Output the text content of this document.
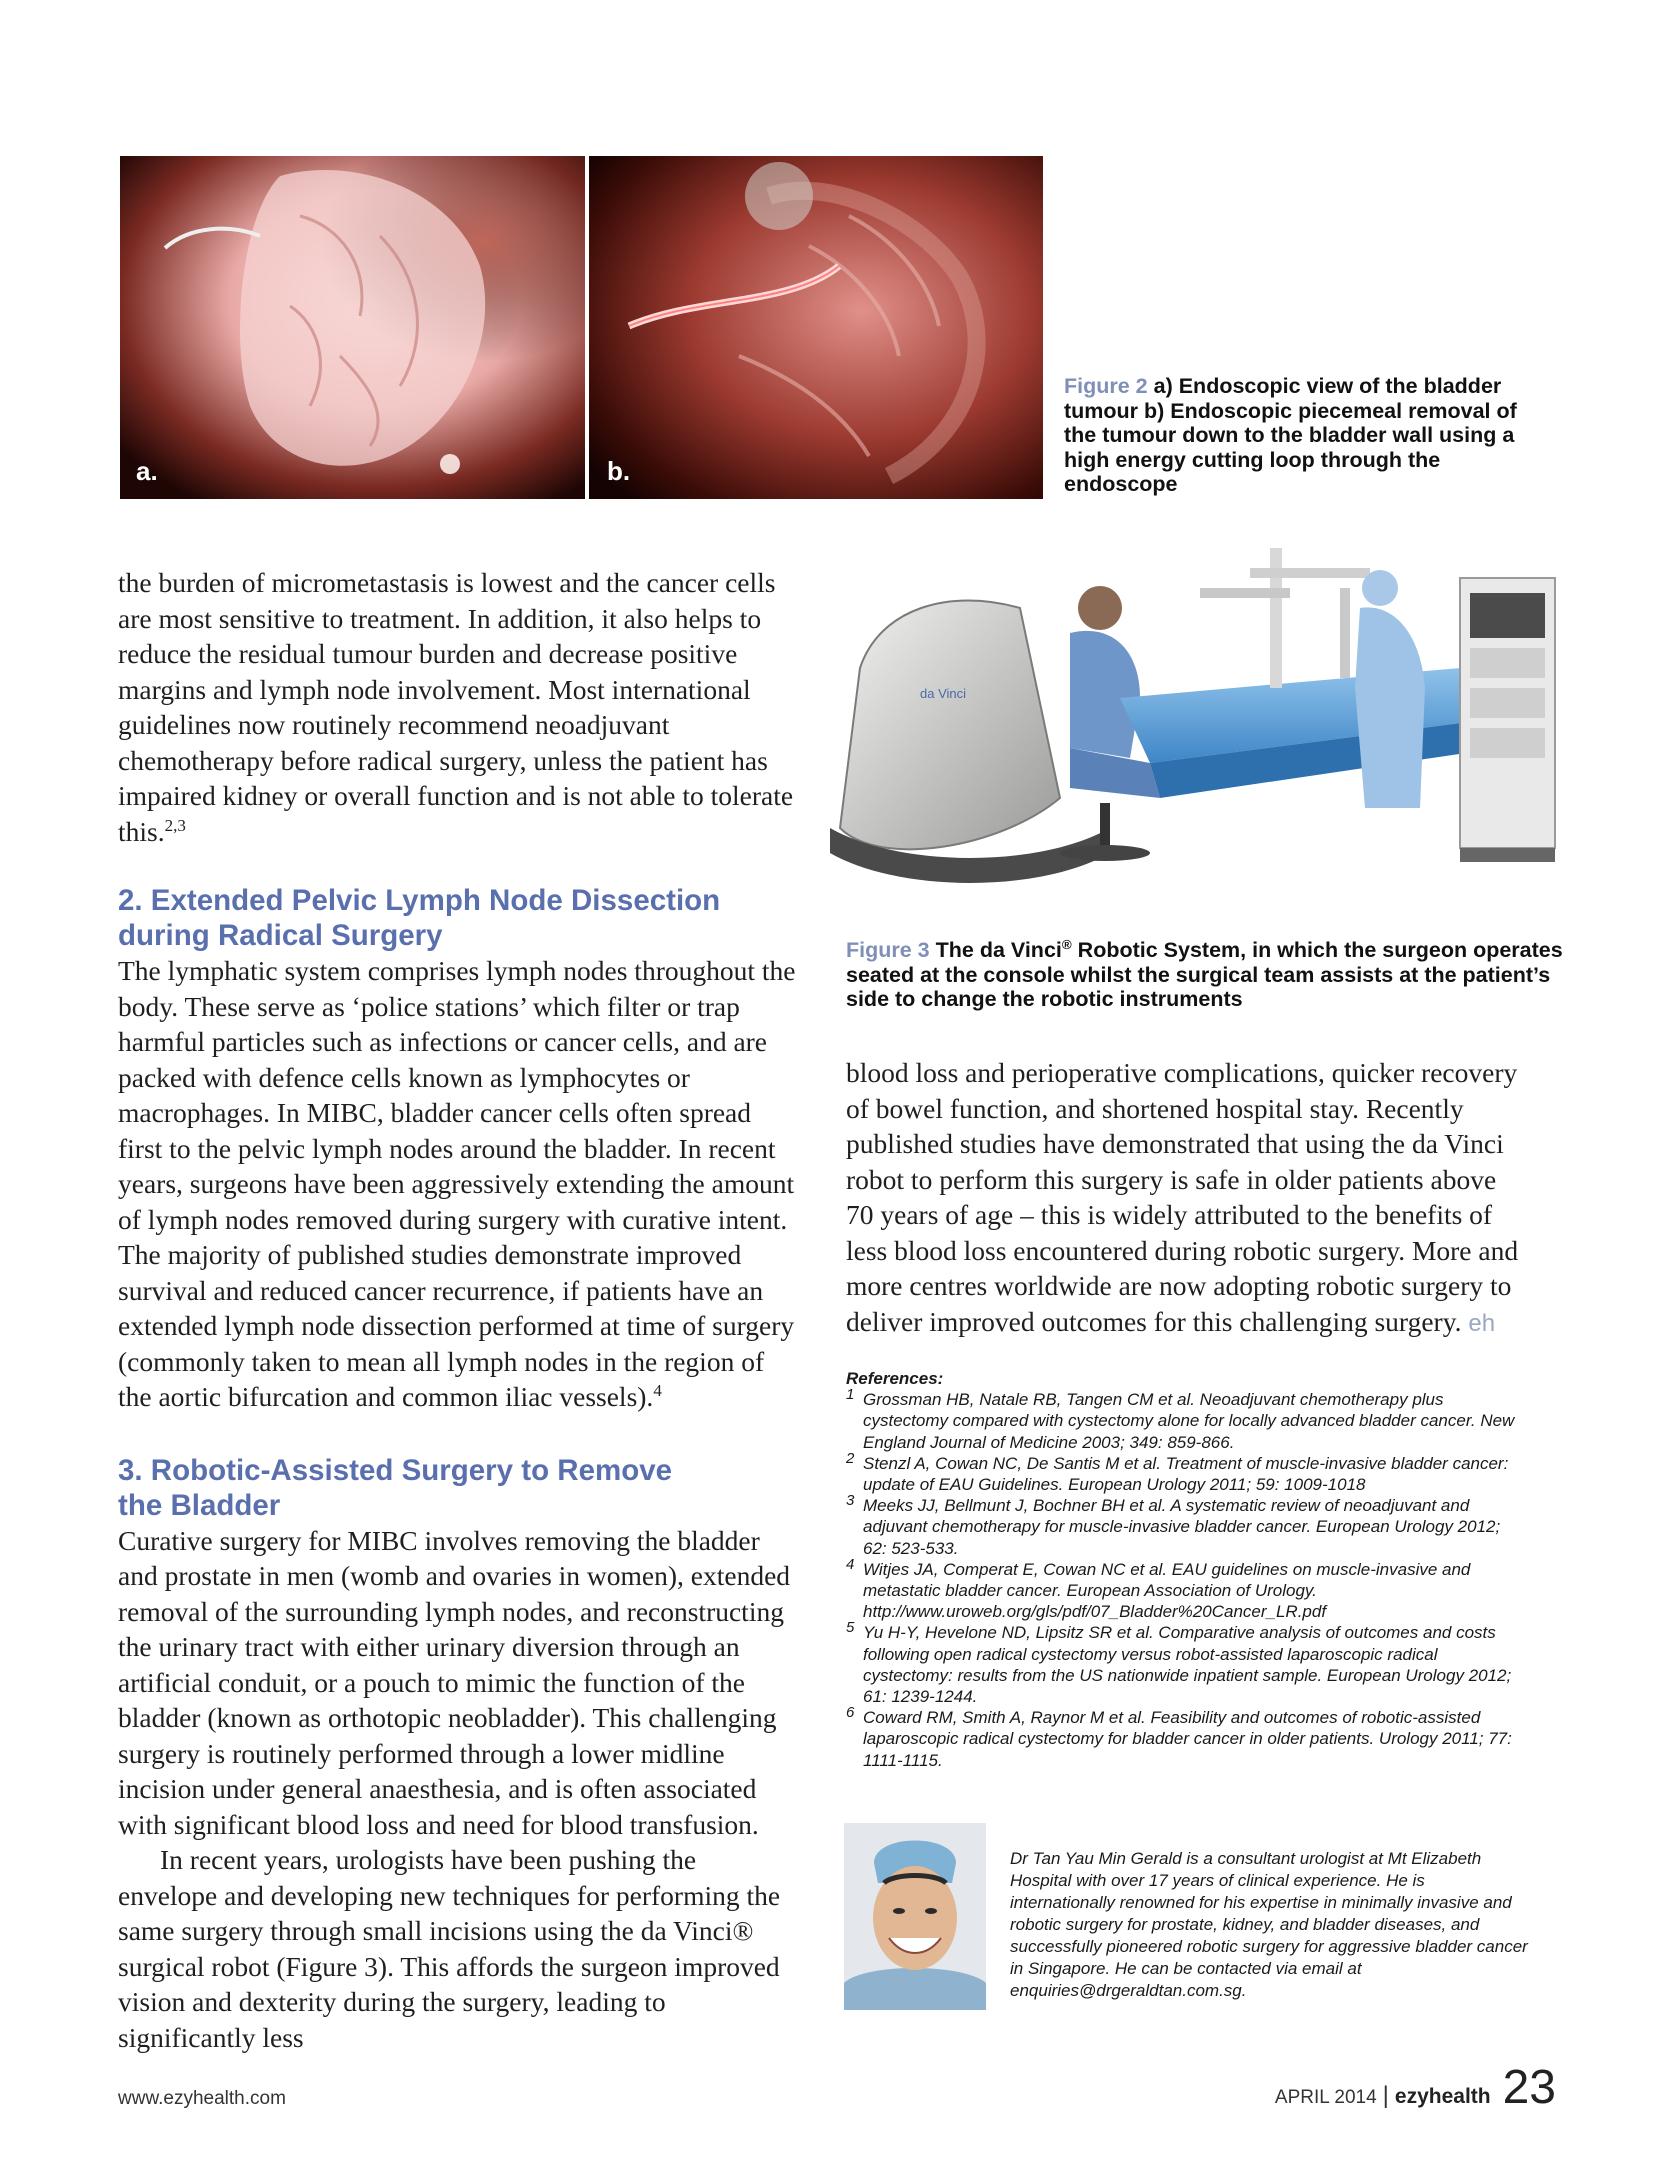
a.	b.
Figure 2 a) Endoscopic view of the bladder tumour b) Endoscopic piecemeal removal of the tumour down to the bladder wall using a high energy cutting loop through the endoscope
da Vinci
Figure 3 The da Vinci® Robotic System, in which the surgeon operates seated at the console whilst the surgical team assists at the patient’s side to change the robotic instruments

the burden of micrometastasis is lowest and the cancer cells are most sensitive to treatment. In addition, it also helps to reduce the residual tumour burden and decrease positive margins and lymph node involvement. Most international guidelines now routinely recommend neoadjuvant chemotherapy before radical surgery, unless the patient has impaired kidney or overall function and is not able to tolerate this.$^{2,3}$

2. Extended Pelvic Lymph Node Dissection during Radical Surgery

The lymphatic system comprises lymph nodes throughout the body. These serve as ‘police stations’ which filter or trap harmful particles such as infections or cancer cells, and are packed with defence cells known as lymphocytes or macrophages. In MIBC, bladder cancer cells often spread first to the pelvic lymph nodes around the bladder. In recent years, surgeons have been aggressively extending the amount of lymph nodes removed during surgery with curative intent. The majority of published studies demonstrate improved survival and reduced cancer recurrence, if patients have an extended lymph node dissection performed at time of surgery (commonly taken to mean all lymph nodes in the region of the aortic bifurcation and common iliac vessels).$^4$

3. Robotic-Assisted Surgery to Remove the Bladder

Curative surgery for MIBC involves removing the bladder and prostate in men (womb and ovaries in women), extended removal of the surrounding lymph nodes, and reconstructing the urinary tract with either urinary diversion through an artificial conduit, or a pouch to mimic the function of the bladder (known as orthotopic neobladder). This challenging surgery is routinely performed through a lower midline incision under general anaesthesia, and is often associated with significant blood loss and need for blood transfusion.

In recent years, urologists have been pushing the envelope and developing new techniques for performing the same surgery through small incisions using the da Vinci® surgical robot (Figure 3). This affords the surgeon improved vision and dexterity during the surgery, leading to significantly less

blood loss and perioperative complications, quicker recovery of bowel function, and shortened hospital stay. Recently published studies have demonstrated that using the da Vinci robot to perform this surgery is safe in older patients above 70 years of age – this is widely attributed to the benefits of less blood loss encountered during robotic surgery. More and more centres worldwide are now adopting robotic surgery to deliver improved outcomes for this challenging surgery. eh

References:
1 Grossman HB, Natale RB, Tangen CM et al. Neoadjuvant chemotherapy plus cystectomy compared with cystectomy alone for locally advanced bladder cancer. New England Journal of Medicine 2003; 349: 859-866.
2 Stenzl A, Cowan NC, De Santis M et al. Treatment of muscle-invasive bladder cancer: update of EAU Guidelines. European Urology 2011; 59: 1009-1018
3 Meeks JJ, Bellmunt J, Bochner BH et al. A systematic review of neoadjuvant and adjuvant chemotherapy for muscle-invasive bladder cancer. European Urology 2012; 62: 523-533.
4 Witjes JA, Comperat E, Cowan NC et al. EAU guidelines on muscle-invasive and metastatic bladder cancer. European Association of Urology. http://www.uroweb.org/gls/pdf/07_Bladder%20Cancer_LR.pdf
5 Yu H-Y, Hevelone ND, Lipsitz SR et al. Comparative analysis of outcomes and costs following open radical cystectomy versus robot-assisted laparoscopic radical cystectomy: results from the US nationwide inpatient sample. European Urology 2012; 61: 1239-1244.
6 Coward RM, Smith A, Raynor M et al. Feasibility and outcomes of robotic-assisted laparoscopic radical cystectomy for bladder cancer in older patients. Urology 2011; 77: 1111-1115.
Dr Tan Yau Min Gerald is a consultant urologist at Mt Elizabeth Hospital with over 17 years of clinical experience. He is internationally renowned for his expertise in minimally invasive and robotic surgery for prostate, kidney, and bladder diseases, and successfully pioneered robotic surgery for aggressive bladder cancer in Singapore. He can be contacted via email at enquiries@drgeraldtan.com.sg.
www.ezyhealth.com	APRIL 2014 | ezyhealth 23
